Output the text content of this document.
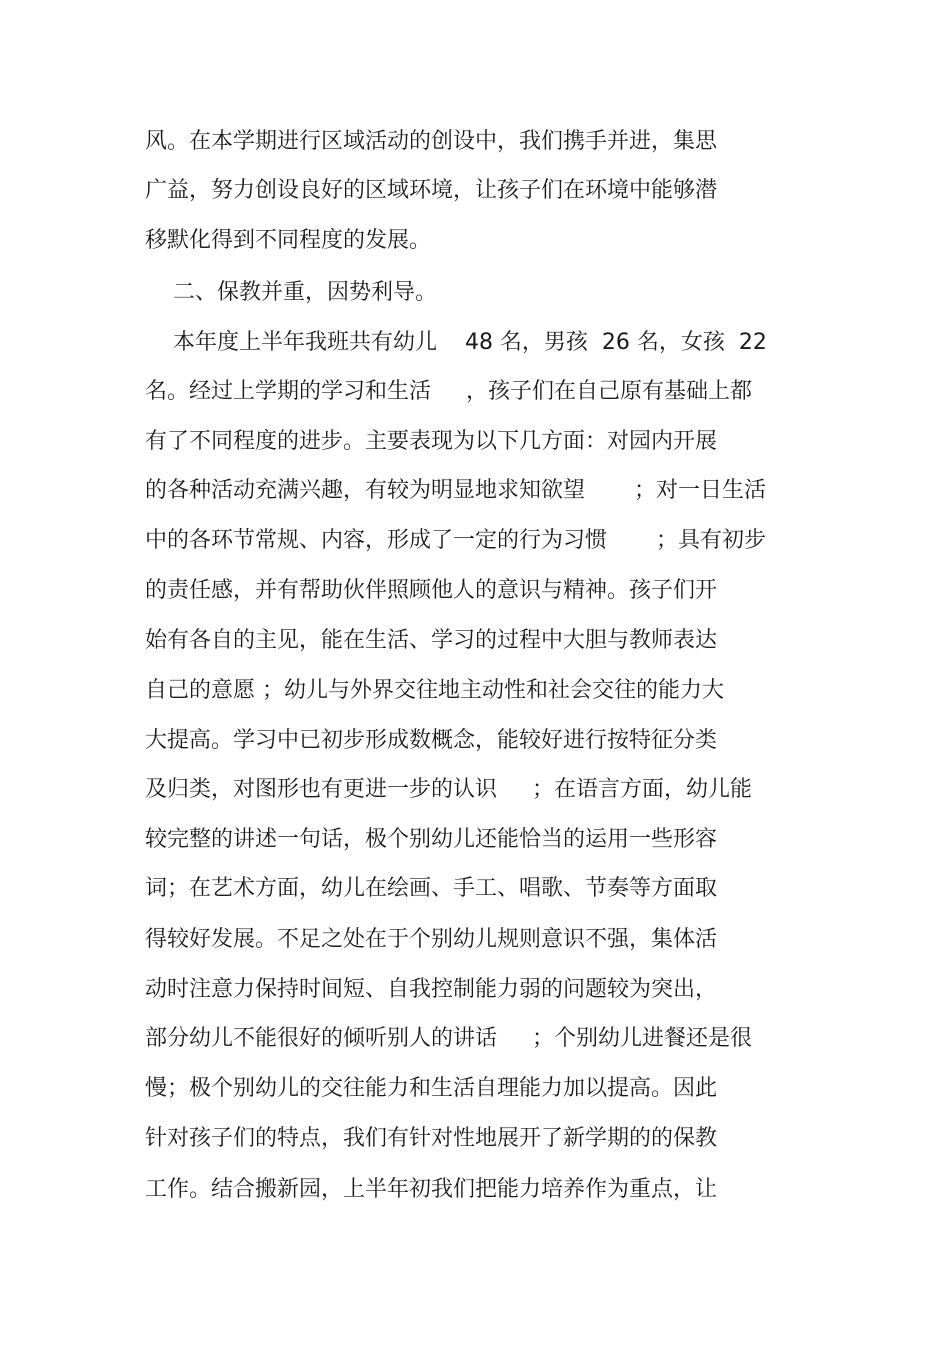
风。在本学期进行区域活动的创设中，我们携手并进，集思
广益，努力创设良好的区域环境，让孩子们在环境中能够潜
移默化得到不同程度的发展。
二、保教并重，因势利导。
本年度上半年我班共有幼儿    48 名，男孩  26 名，女孩  22
名。经过上学期的学习和生活     ，孩子们在自己原有基础上都
有了不同程度的进步。主要表现为以下几方面：对园内开展
的各种活动充满兴趣，有较为明显地求知欲望       ；对一日生活
中的各环节常规、内容，形成了一定的行为习惯       ；具有初步
的责任感，并有帮助伙伴照顾他人的意识与精神。孩子们开
始有各自的主见，能在生活、学习的过程中大胆与教师表达
自己的意愿 ；幼儿与外界交往地主动性和社会交往的能力大
大提高。学习中已初步形成数概念，能较好进行按特征分类
及归类，对图形也有更进一步的认识     ；在语言方面，幼儿能
较完整的讲述一句话，极个别幼儿还能恰当的运用一些形容
词；在艺术方面，幼儿在绘画、手工、唱歌、节奏等方面取
得较好发展。不足之处在于个别幼儿规则意识不强，集体活
动时注意力保持时间短、自我控制能力弱的问题较为突出，
部分幼儿不能很好的倾听别人的讲话     ；个别幼儿进餐还是很
慢；极个别幼儿的交往能力和生活自理能力加以提高。因此
针对孩子们的特点，我们有针对性地展开了新学期的的保教
工作。结合搬新园，上半年初我们把能力培养作为重点，让
